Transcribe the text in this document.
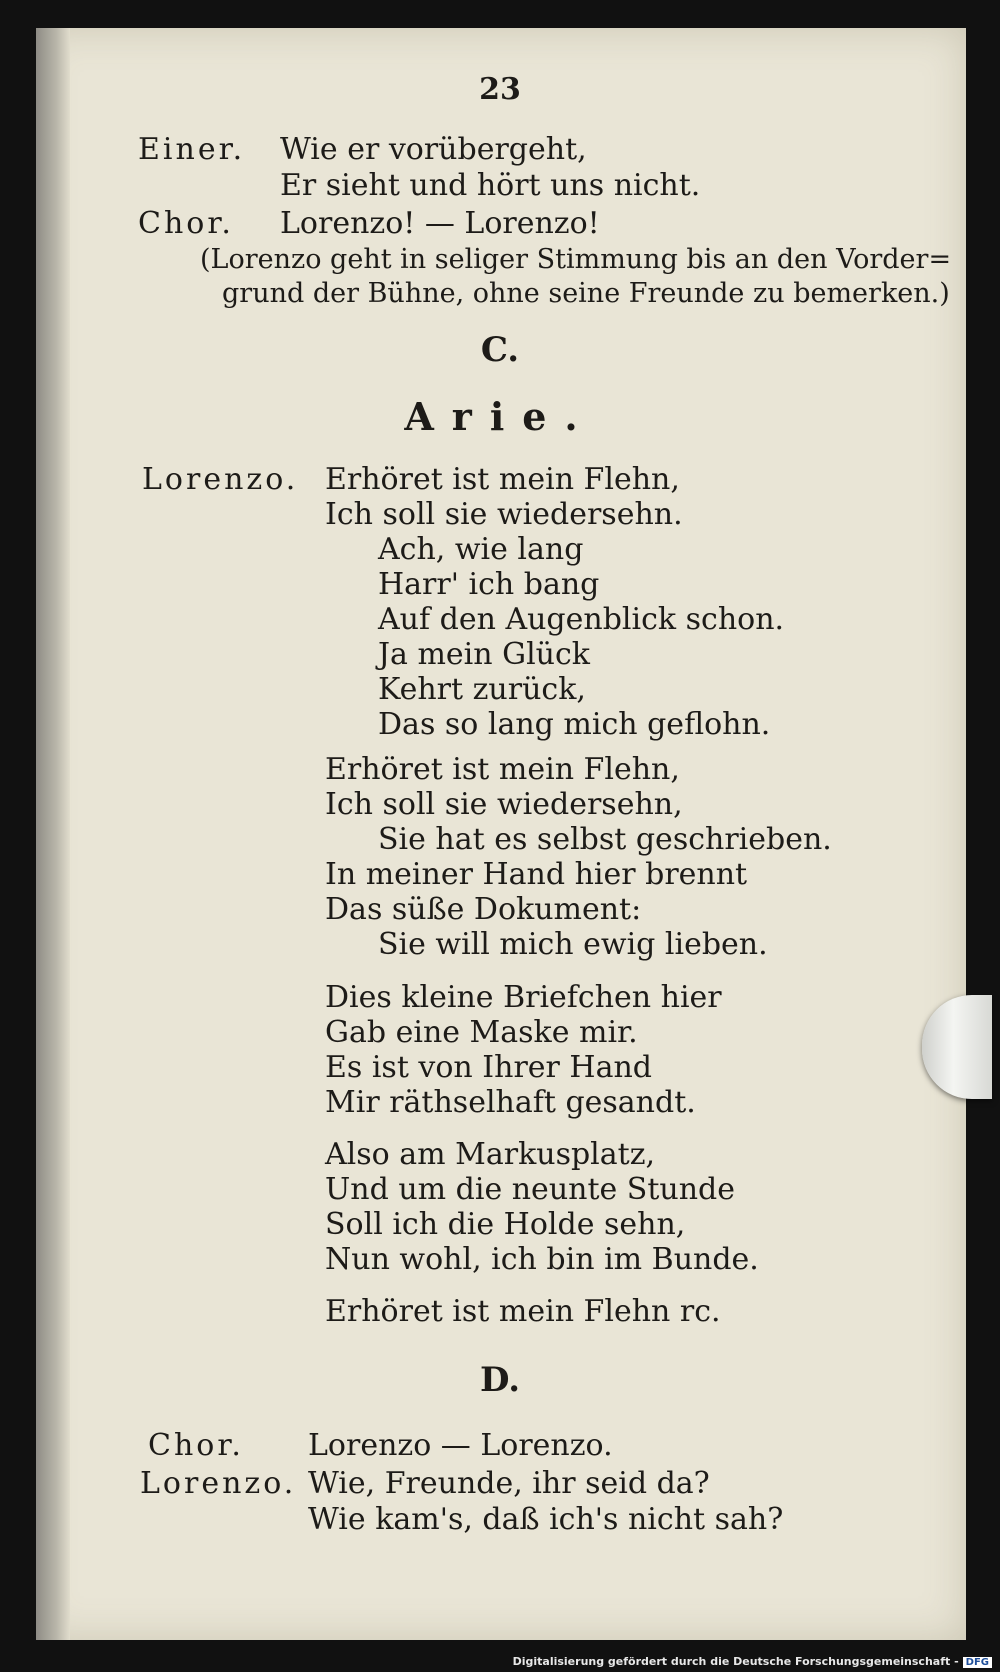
23
Einer. Wie er vorübergeht,
Er sieht und hört uns nicht.
Chor. Lorenzo! — Lorenzo!
(Lorenzo geht in seliger Stimmung bis an den Vorder=
grund der Bühne, ohne seine Freunde zu bemerken.)
C.
Arie.
Lorenzo. Erhöret ist mein Flehn,
Ich soll sie wiedersehn.
Ach, wie lang
Harr' ich bang
Auf den Augenblick schon.
Ja mein Glück
Kehrt zurück,
Das so lang mich geflohn.
Erhöret ist mein Flehn,
Ich soll sie wiedersehn,
Sie hat es selbst geschrieben.
In meiner Hand hier brennt
Das süße Dokument:
Sie will mich ewig lieben.
Dies kleine Briefchen hier
Gab eine Maske mir.
Es ist von Ihrer Hand
Mir räthselhaft gesandt.
Also am Markusplatz,
Und um die neunte Stunde
Soll ich die Holde sehn,
Nun wohl, ich bin im Bunde.
Erhöret ist mein Flehn rc.
D.
Chor. Lorenzo — Lorenzo.
Lorenzo. Wie, Freunde, ihr seid da?
Wie kam's, daß ich's nicht sah?
Digitalisierung gefördert durch die Deutsche Forschungsgemeinschaft - DFG
